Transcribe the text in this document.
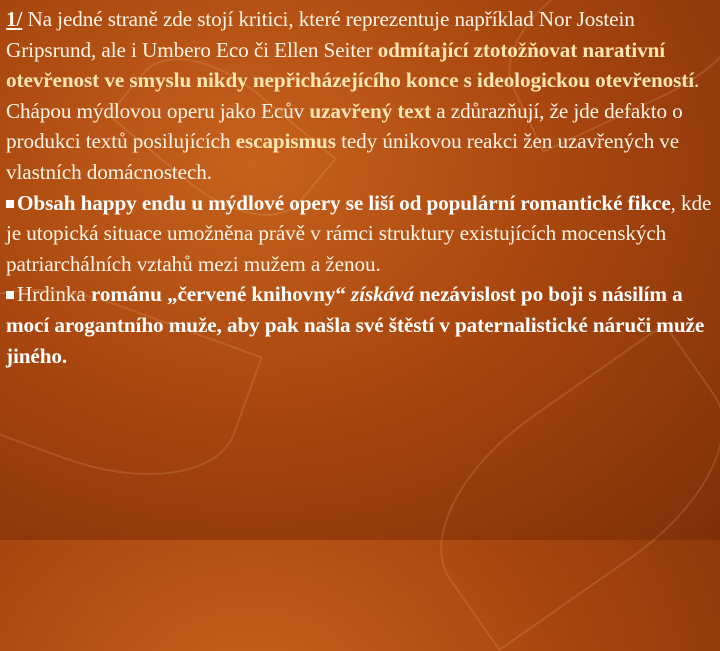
1/ Na jedné straně zde stojí kritici, které reprezentuje například Nor Jostein Gripsrund, ale i Umbero Eco či Ellen Seiter odmítající ztotožňovat narativní otevřenost ve smyslu nikdy nepřicházejícího konce s ideologickou otevřeností. Chápou mýdlovou operu jako Ecův uzavřený text a zdůrazňují, že jde defakto o produkci textů posilujících escapismus tedy únikovou reakci žen uzavřených ve vlastních domácnostech.

Obsah happy endu u mýdlové opery se liší od populární romantické fikce, kde je utopická situace umožněna právě v rámci struktury existujících mocenských patriarchálních vztahů mezi mužem a ženou.

Hrdinka románu „červené knihovny“ získává nezávislost po boji s násilím a mocí arogantního muže, aby pak našla své štěstí v paternalistické náruči muže jiného.
